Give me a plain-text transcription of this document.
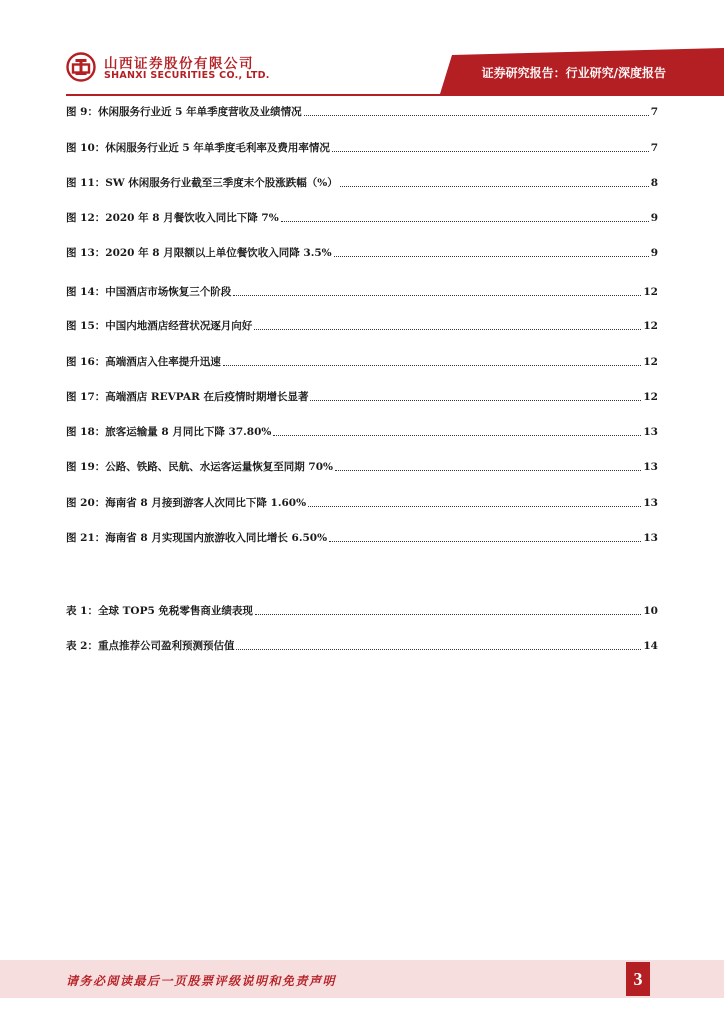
山西证券股份有限公司
SHANXI SECURITIES CO., LTD.	证券研究报告：行业研究/深度报告
图 9：休闲服务行业近 5 年单季度营收及业绩情况	7
图 10：休闲服务行业近 5 年单季度毛利率及费用率情况	7
图 11：SW 休闲服务行业截至三季度末个股涨跌幅（%）	8
图 12：2020 年 8 月餐饮收入同比下降 7%	9
图 13：2020 年 8 月限额以上单位餐饮收入同降 3.5%	9
图 14：中国酒店市场恢复三个阶段	12
图 15：中国内地酒店经营状况逐月向好	12
图 16：高端酒店入住率提升迅速	12
图 17：高端酒店 REVPAR 在后疫情时期增长显著	12
图 18：旅客运输量 8 月同比下降 37.80%	13
图 19：公路、铁路、民航、水运客运量恢复至同期 70%	13
图 20：海南省 8 月接到游客人次同比下降 1.60%	13
图 21：海南省 8 月实现国内旅游收入同比增长 6.50%	13
表 1：全球 TOP5 免税零售商业绩表现	10
表 2：重点推荐公司盈利预测预估值	14
请务必阅读最后一页股票评级说明和免责声明	3
